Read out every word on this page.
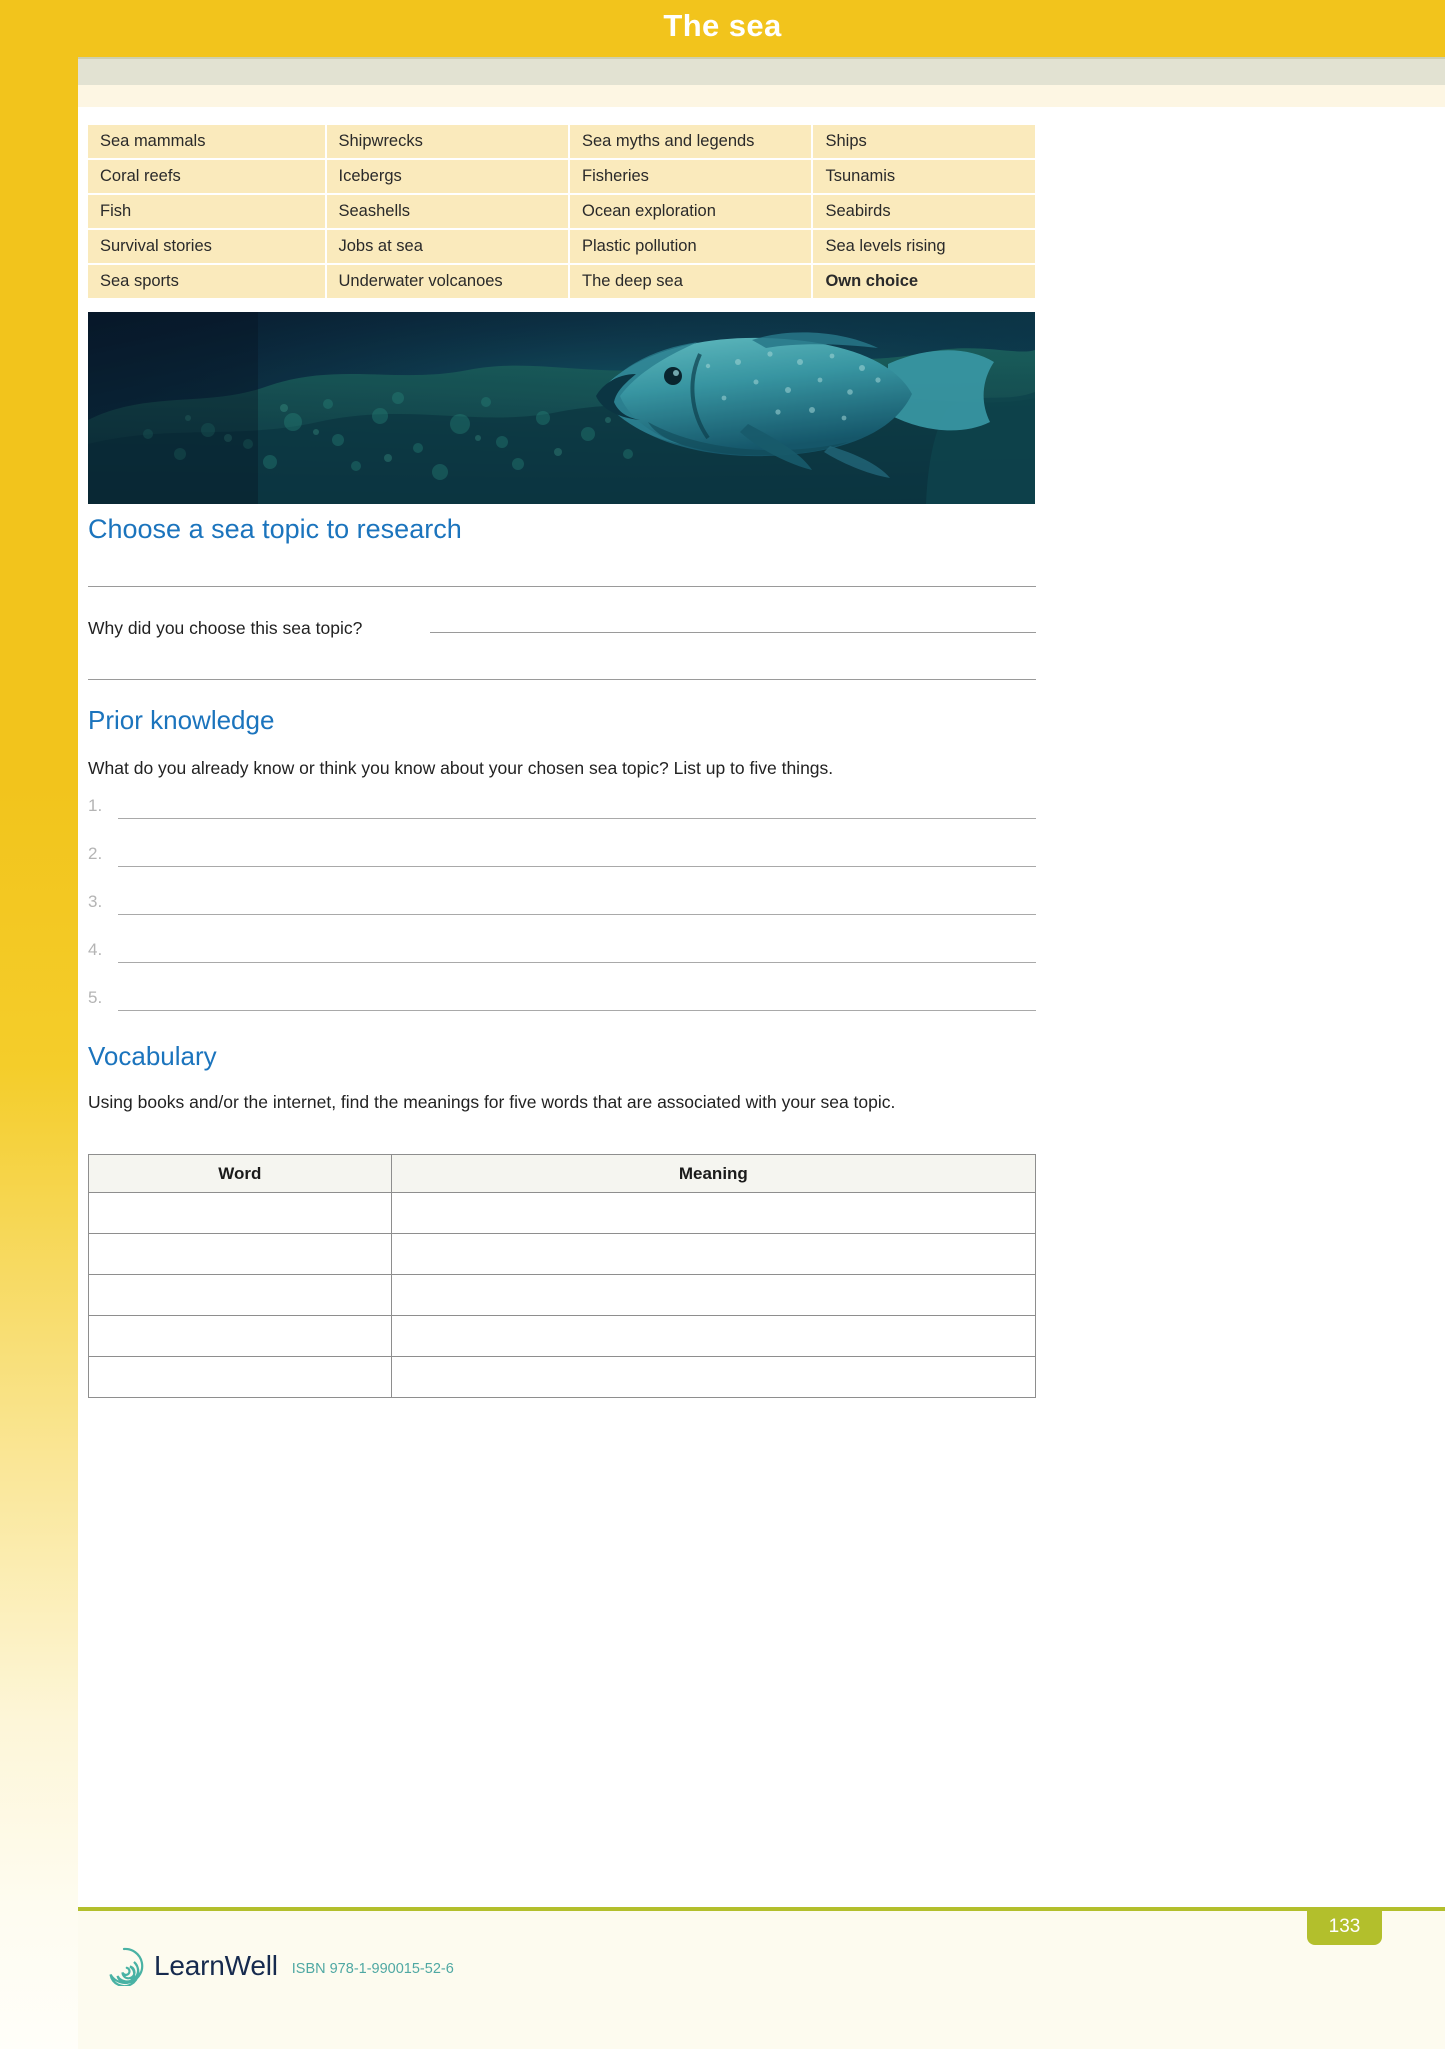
The sea
Sea mammals	Shipwrecks	Sea myths and legends	Ships
Coral reefs	Icebergs	Fisheries	Tsunamis
Fish	Seashells	Ocean exploration	Seabirds
Survival stories	Jobs at sea	Plastic pollution	Sea levels rising
Sea sports	Underwater volcanoes	The deep sea	Own choice
Choose a sea topic to research
Why did you choose this sea topic?
Prior knowledge
What do you already know or think you know about your chosen sea topic? List up to five things.
1.
2.
3.
4.
5.
Vocabulary
Using books and/or the internet, find the meanings for five words that are associated with your sea topic.
Word	Meaning

133
LearnWell ISBN 978-1-990015-52-6
